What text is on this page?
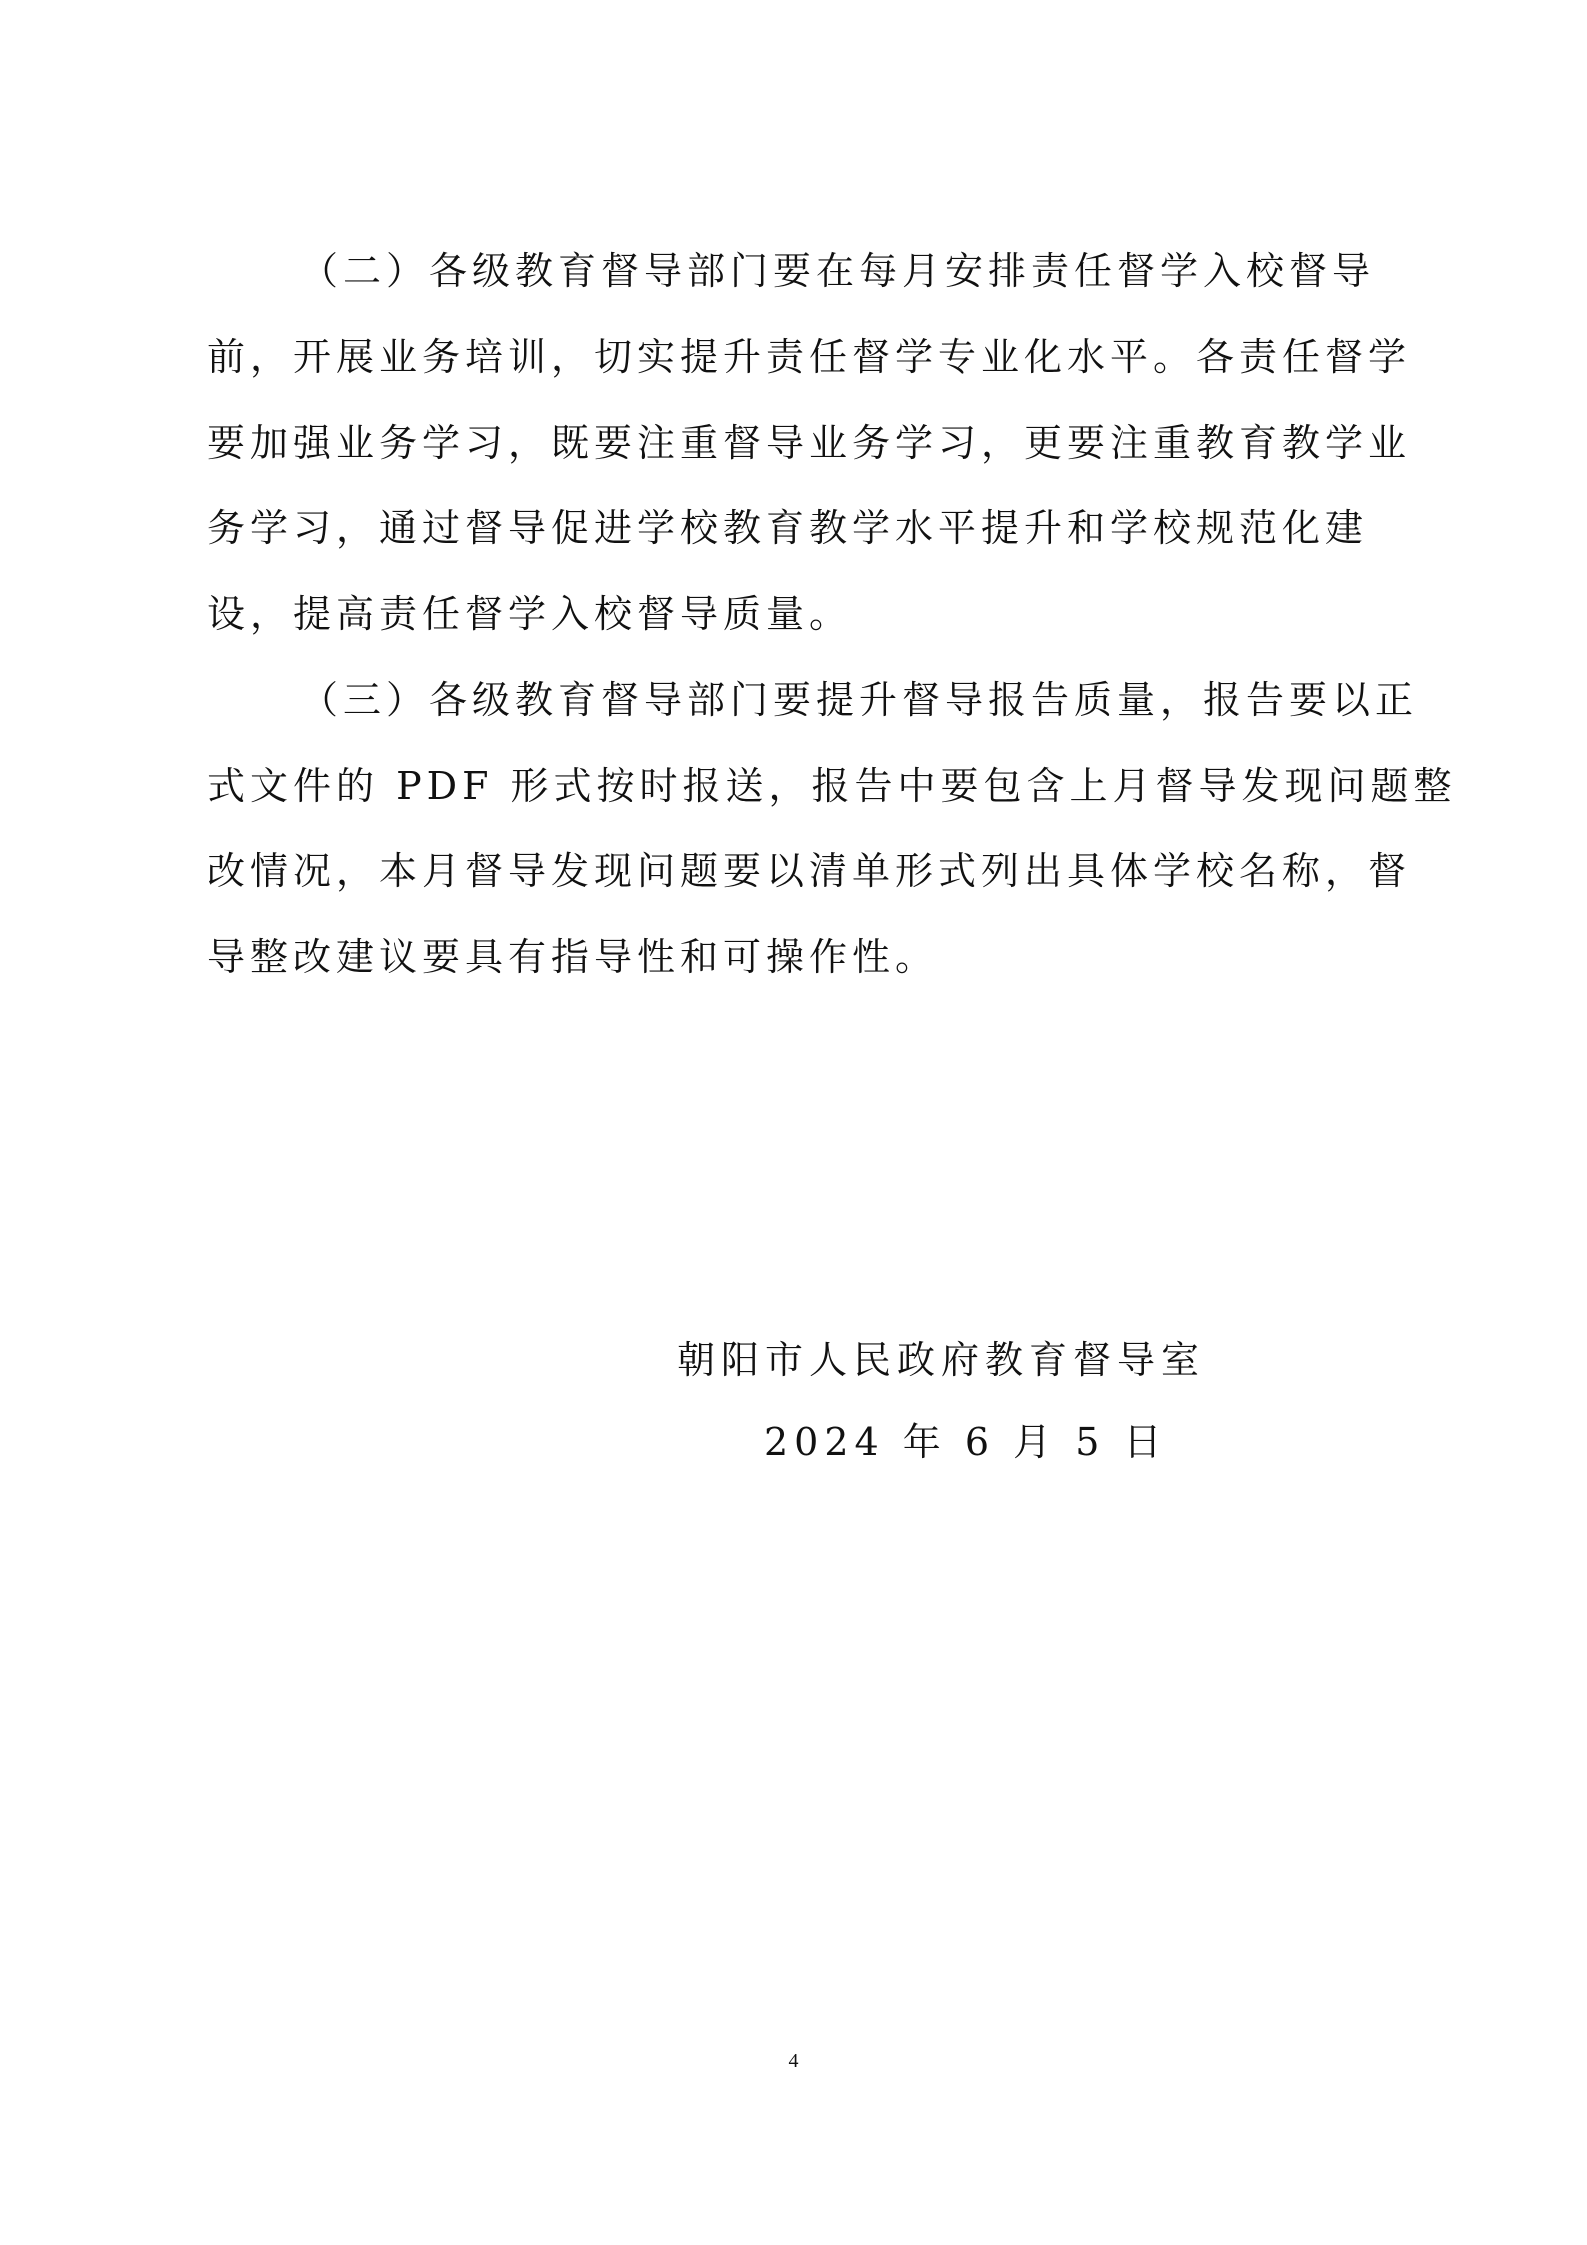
（二）各级教育督导部门要在每月安排责任督学入校督导
前，开展业务培训，切实提升责任督学专业化水平。各责任督学
要加强业务学习，既要注重督导业务学习，更要注重教育教学业
务学习，通过督导促进学校教育教学水平提升和学校规范化建
设，提高责任督学入校督导质量。
（三）各级教育督导部门要提升督导报告质量，报告要以正
式文件的 PDF 形式按时报送，报告中要包含上月督导发现问题整
改情况，本月督导发现问题要以清单形式列出具体学校名称，督
导整改建议要具有指导性和可操作性。
朝阳市人民政府教育督导室
2024 年 6 月 5 日
4
